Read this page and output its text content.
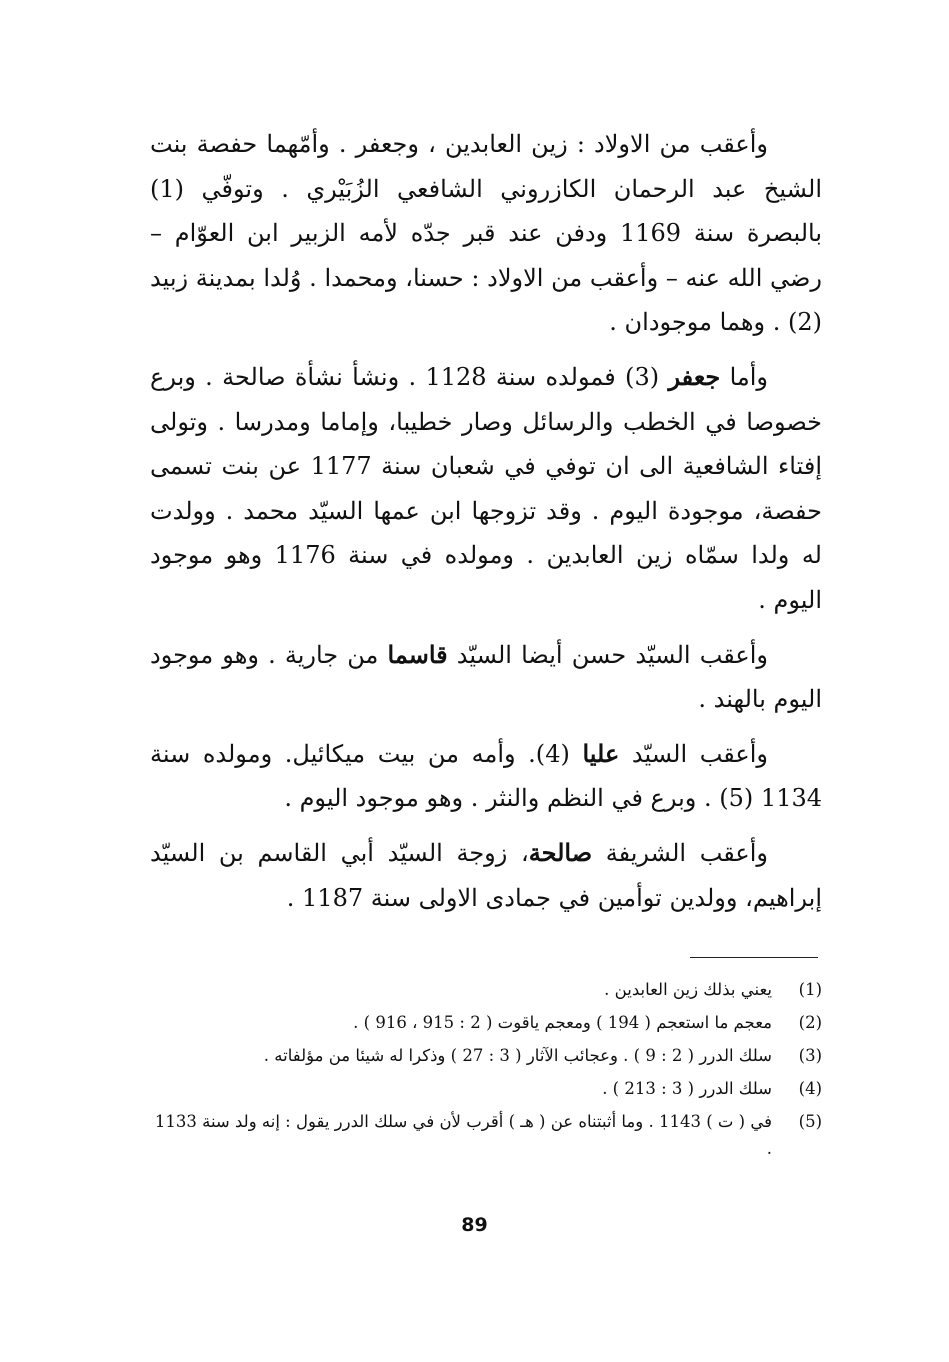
وأعقب من الاولاد : زين العابدين ، وجعفر . وأمّهما حفصة بنت الشيخ عبد الرحمان الكازروني الشافعي الزُبَيْري . وتوفّي (1) بالبصرة سنة 1169 ودفن عند قبر جدّه لأمه الزبير ابن العوّام – رضي الله عنه – وأعقب من الاولاد : حسنا، ومحمدا . وُلدا بمدينة زبيد (2) . وهما موجودان .

وأما جعفر (3) فمولده سنة 1128 . ونشأ نشأة صالحة . وبرع خصوصا في الخطب والرسائل وصار خطيبا، وإماما ومدرسا . وتولى إفتاء الشافعية الى ان توفي في شعبان سنة 1177 عن بنت تسمى حفصة، موجودة اليوم . وقد تزوجها ابن عمها السيّد محمد . وولدت له ولدا سمّاه زين العابدين . ومولده في سنة 1176 وهو موجود اليوم .

وأعقب السيّد حسن أيضا السيّد قاسما من جارية . وهو موجود اليوم بالهند .

وأعقب السيّد عليا (4). وأمه من بيت ميكائيل. ومولده سنة 1134 (5) . وبرع في النظم والنثر . وهو موجود اليوم .

وأعقب الشريفة صالحة، زوجة السيّد أبي القاسم بن السيّد إبراهيم، وولدين توأمين في جمادى الاولى سنة 1187 .

(1)
يعني بذلك زين العابدين .
(2)
معجم ما استعجم ( 194 ) ومعجم ياقوت ( 2 : 915 ، 916 ) .
(3)
سلك الدرر ( 2 : 9 ) . وعجائب الآثار ( 3 : 27 ) وذكرا له شيئا من مؤلفاته .
(4)
سلك الدرر ( 3 : 213 ) .
(5)
في ( ت ) 1143 . وما أثبتناه عن ( هـ ) أقرب لأن في سلك الدرر يقول : إنه ولد سنة 1133 .
89
